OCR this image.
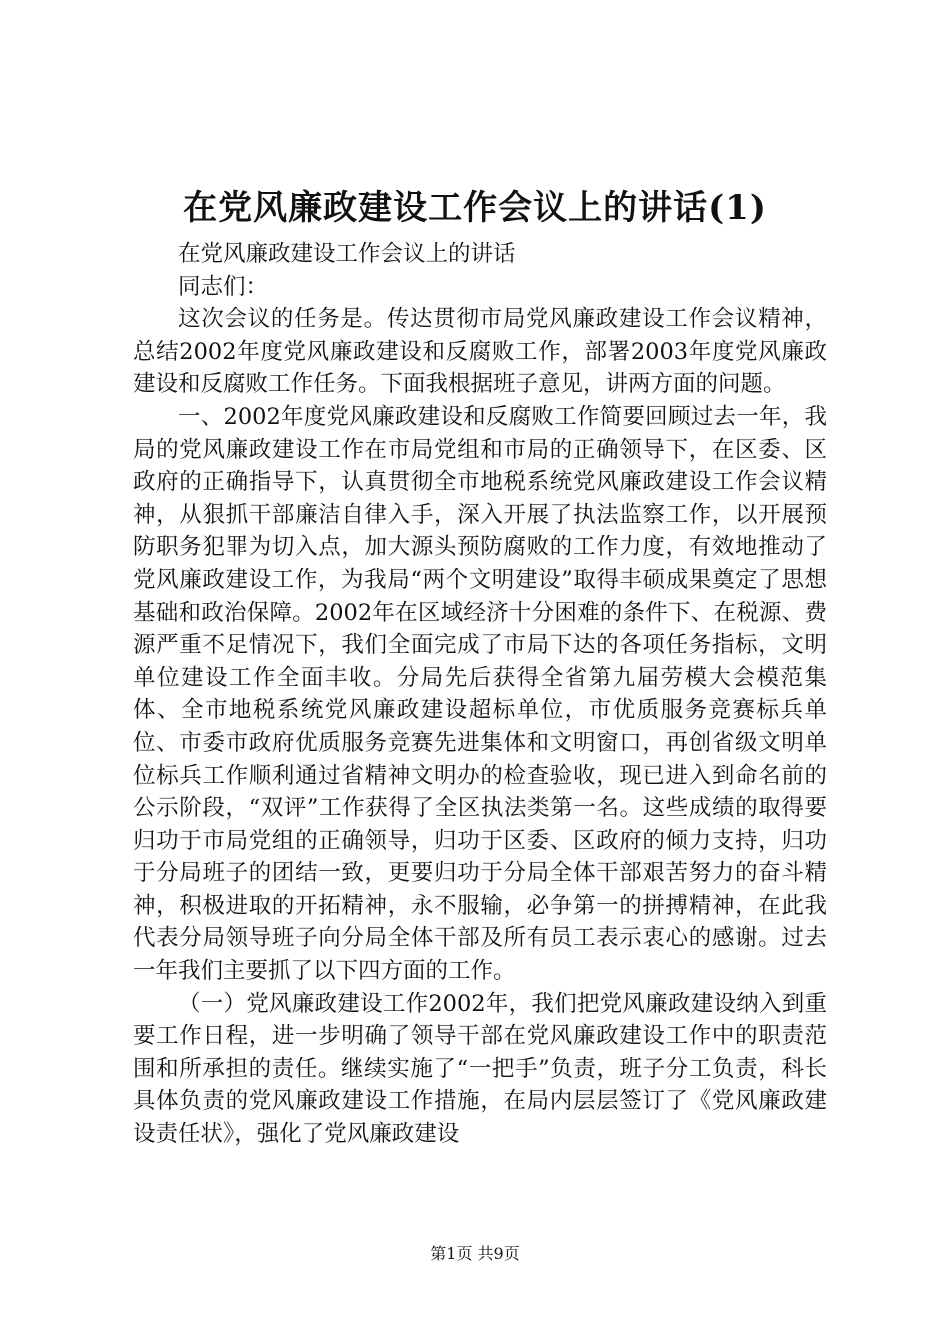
在党风廉政建设工作会议上的讲话(1)

在党风廉政建设工作会议上的讲话

同志们：

这次会议的任务是。传达贯彻市局党风廉政建设工作会议精神，总结2002年度党风廉政建设和反腐败工作，部署2003年度党风廉政建设和反腐败工作任务。下面我根据班子意见，讲两方面的问题。

一、2002年度党风廉政建设和反腐败工作简要回顾过去一年，我局的党风廉政建设工作在市局党组和市局的正确领导下，在区委、区政府的正确指导下，认真贯彻全市地税系统党风廉政建设工作会议精神，从狠抓干部廉洁自律入手，深入开展了执法监察工作，以开展预防职务犯罪为切入点，加大源头预防腐败的工作力度，有效地推动了党风廉政建设工作，为我局“两个文明建设”取得丰硕成果奠定了思想基础和政治保障。2002年在区域经济十分困难的条件下、在税源、费源严重不足情况下，我们全面完成了市局下达的各项任务指标，文明单位建设工作全面丰收。分局先后获得全省第九届劳模大会模范集体、全市地税系统党风廉政建设超标单位，市优质服务竞赛标兵单位、市委市政府优质服务竞赛先进集体和文明窗口，再创省级文明单位标兵工作顺利通过省精神文明办的检查验收，现已进入到命名前的公示阶段，“双评”工作获得了全区执法类第一名。这些成绩的取得要归功于市局党组的正确领导，归功于区委、区政府的倾力支持，归功于分局班子的团结一致，更要归功于分局全体干部艰苦努力的奋斗精神，积极进取的开拓精神，永不服输，必争第一的拼搏精神，在此我代表分局领导班子向分局全体干部及所有员工表示衷心的感谢。过去一年我们主要抓了以下四方面的工作。

（一）党风廉政建设工作2002年，我们把党风廉政建设纳入到重要工作日程，进一步明确了领导干部在党风廉政建设工作中的职责范围和所承担的责任。继续实施了“一把手”负责，班子分工负责，科长具体负责的党风廉政建设工作措施，在局内层层签订了《党风廉政建设责任状》，强化了党风廉政建设

第1页 共9页
